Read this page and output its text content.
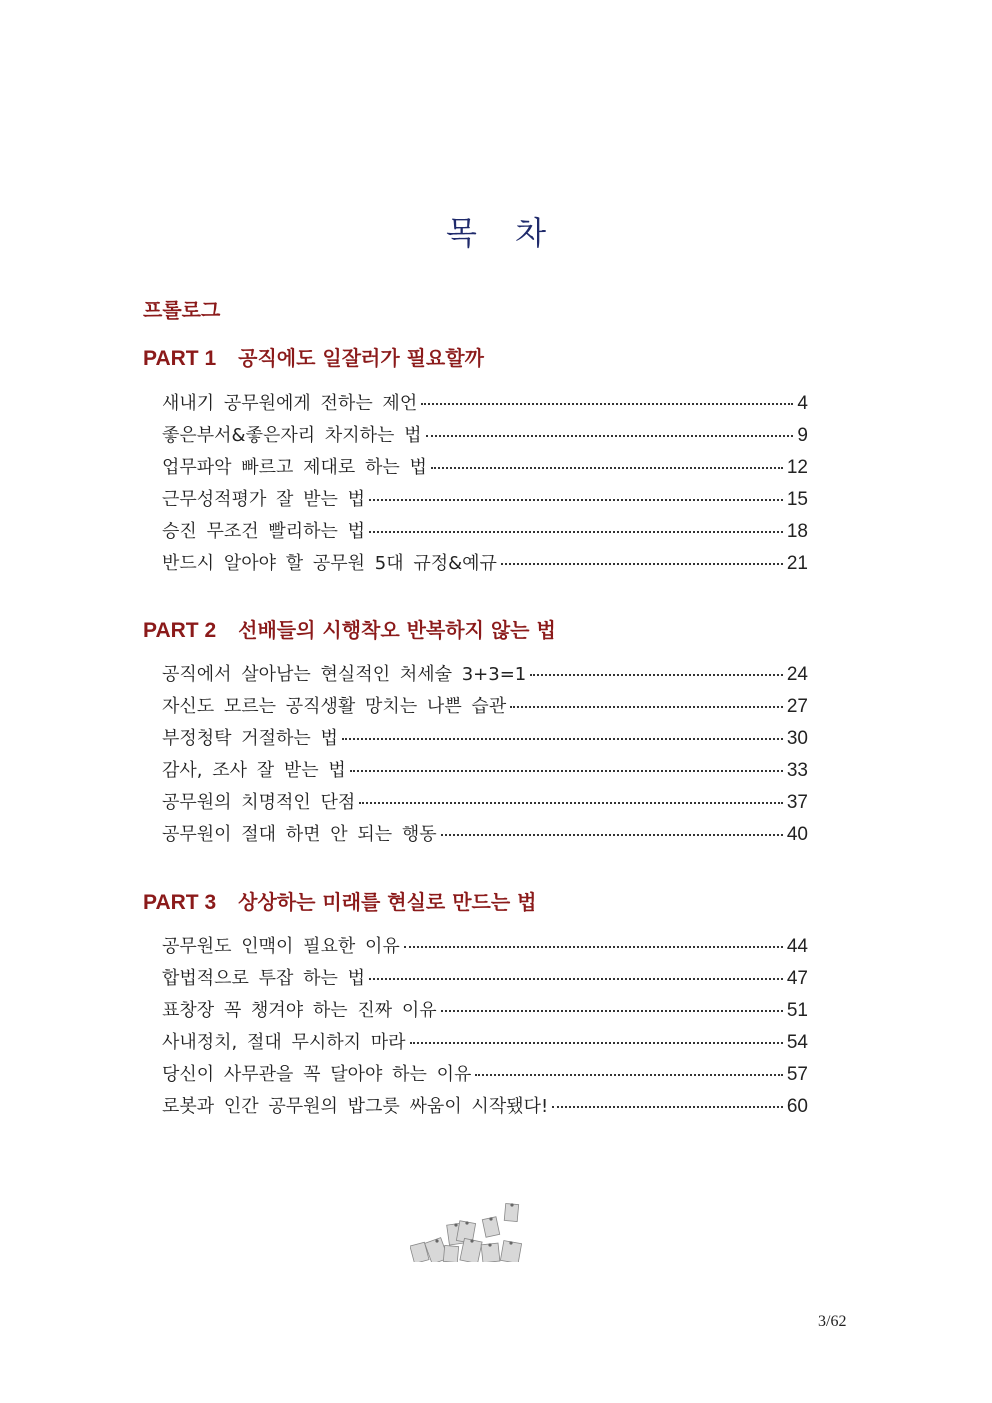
목 차
프롤로그
PART 1 공직에도 일잘러가 필요할까
새내기 공무원에게 전하는 제언	4
좋은부서&좋은자리 차지하는 법	9
업무파악 빠르고 제대로 하는 법	12
근무성적평가 잘 받는 법	15
승진 무조건 빨리하는 법	18
반드시 알아야 할 공무원 5대 규정&예규	21
PART 2 선배들의 시행착오 반복하지 않는 법
공직에서 살아남는 현실적인 처세술 3+3=1	24
자신도 모르는 공직생활 망치는 나쁜 습관	27
부정청탁 거절하는 법	30
감사, 조사 잘 받는 법	33
공무원의 치명적인 단점	37
공무원이 절대 하면 안 되는 행동	40
PART 3 상상하는 미래를 현실로 만드는 법
공무원도 인맥이 필요한 이유	44
합법적으로 투잡 하는 법	47
표창장 꼭 챙겨야 하는 진짜 이유	51
사내정치, 절대 무시하지 마라	54
당신이 사무관을 꼭 달아야 하는 이유	57
로봇과 인간 공무원의 밥그릇 싸움이 시작됐다!	60
3/62
